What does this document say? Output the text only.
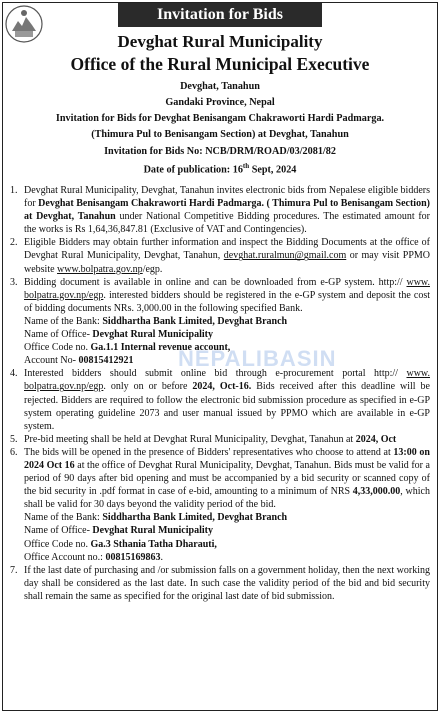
Invitation for Bids
Devghat Rural Municipality
Office of the Rural Municipal Executive
Devghat, Tanahun
Gandaki Province, Nepal
Invitation for Bids for Devghat Benisangam Chakraworti Hardi Padmarga.
(Thimura Pul to Benisangam Section) at Devghat, Tanahun
Invitation for Bids No: NCB/DRM/ROAD/03/2081/82
Date of publication: 16th Sept, 2024
NEPALIBASIN
1. Devghat Rural Municipality, Devghat, Tanahun invites electronic bids from Nepalese eligible bidders for Devghat Benisangam Chakraworti Hardi Padmarga. ( Thimura Pul to Benisangam Section) at Devghat, Tanahun under National Competitive Bidding procedures. The estimated amount for the works is Rs 1,64,36,847.81 (Exclusive of VAT and Contingencies).
2. Eligible Bidders may obtain further information and inspect the Bidding Documents at the office of Devghat Rural Municipality, Devghat, Tanahun, devghat.ruralmun@gmail.com or may visit PPMO website www.bolpatra.gov.np/egp.
3. Bidding document is available in online and can be downloaded from e-GP system. http:// www. bolpatra.gov.np/egp. interested bidders should be registered in the e-GP system and deposit the cost of bidding documents NRs. 3,000.00 in the following specified Bank.
Name of the Bank: Siddhartha Bank Limited, Devghat Branch
Name of Office- Devghat Rural Municipality
Office Code no. Ga.1.1 Internal revenue account,
Account No- 00815412921
4. Interested bidders should submit online bid through e-procurement portal http:// www. bolpatra.gov.np/egp. only on or before 2024, Oct-16. Bids received after this deadline will be rejected. Bidders are required to follow the electronic bid submission procedure as specified in e-GP system operating guideline 2073 and user manual issued by PPMO which are available in e-GP system.
5. Pre-bid meeting shall be held at Devghat Rural Municipality, Devghat, Tanahun at 2024, Oct
6. The bids will be opened in the presence of Bidders' representatives who choose to attend at 13:00 on 2024 Oct 16 at the office of Devghat Rural Municipality, Devghat, Tanahun. Bids must be valid for a period of 90 days after bid opening and must be accompanied by a bid security or scanned copy of the bid security in .pdf format in case of e-bid, amounting to a minimum of NRS 4,33,000.00, which shall be valid for 30 days beyond the validity period of the bid.
Name of the Bank: Siddhartha Bank Limited, Devghat Branch
Name of Office- Devghat Rural Municipality
Office Code no. Ga.3 Sthania Tatha Dharauti,
Office Account no.: 00815169863.
7. If the last date of purchasing and /or submission falls on a government holiday, then the next working day shall be considered as the last date. In such case the validity period of the bid and bid security shall remain the same as specified for the original last date of bid submission.
